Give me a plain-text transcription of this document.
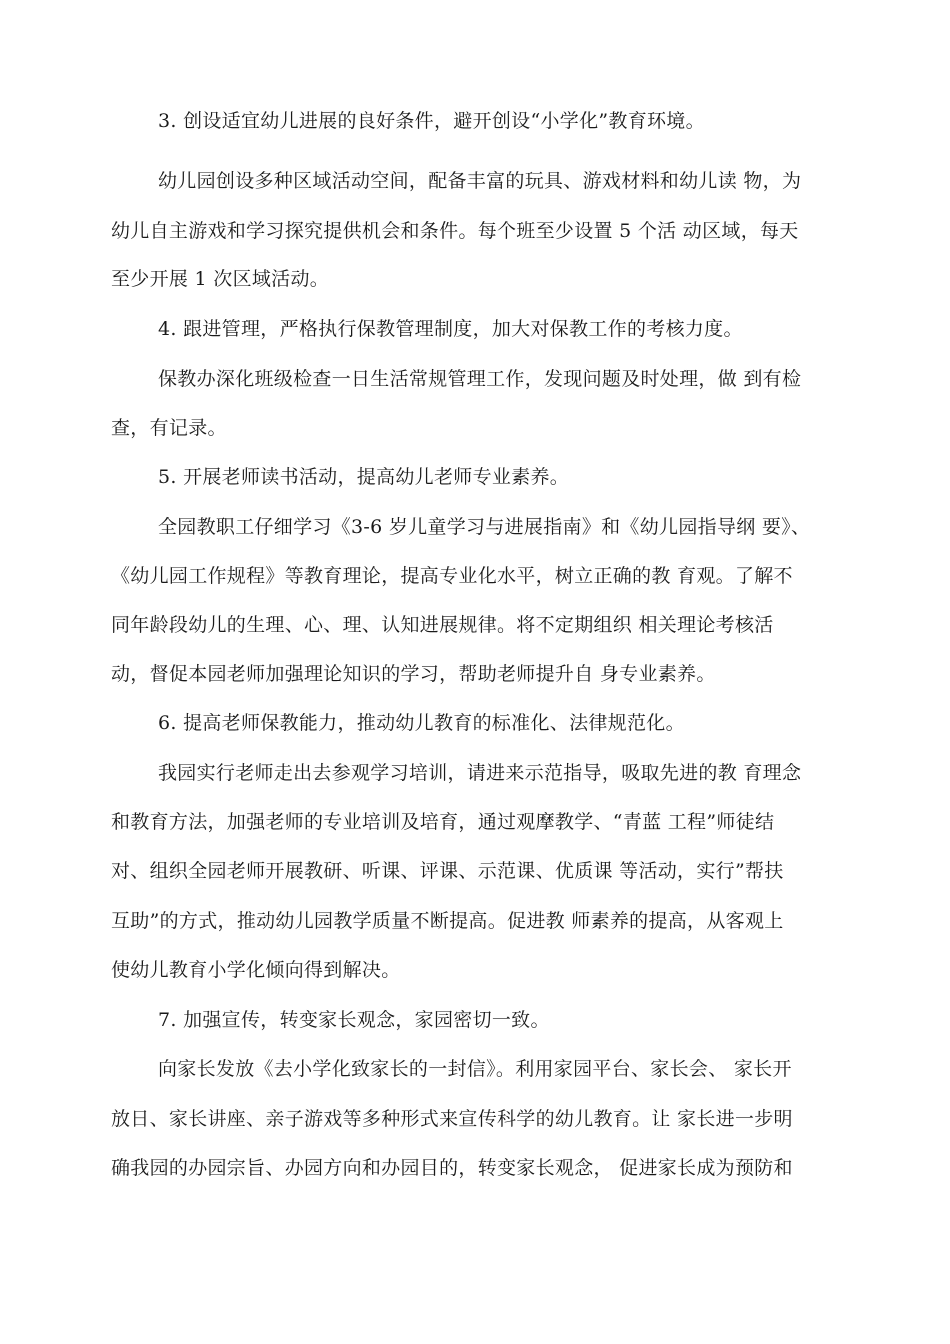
3. 创设适宜幼儿进展的良好条件，避开创设“小学化”教育环境。
幼儿园创设多种区域活动空间，配备丰富的玩具、游戏材料和幼儿读 物，为
幼儿自主游戏和学习探究提供机会和条件。每个班至少设置 5 个活 动区域，每天
至少开展 1 次区域活动。
4. 跟进管理，严格执行保教管理制度，加大对保教工作的考核力度。
保教办深化班级检查一日生活常规管理工作，发现问题及时处理，做 到有检
查，有记录。
5. 开展老师读书活动，提高幼儿老师专业素养。
全园教职工仔细学习《3-6 岁儿童学习与进展指南》和《幼儿园指导纲 要》、
《幼儿园工作规程》等教育理论，提高专业化水平，树立正确的教 育观。了解不
同年龄段幼儿的生理、心、理、认知进展规律。将不定期组织 相关理论考核活
动，督促本园老师加强理论知识的学习，帮助老师提升自 身专业素养。
6. 提高老师保教能力，推动幼儿教育的标准化、法律规范化。
我园实行老师走出去参观学习培训，请进来示范指导，吸取先进的教 育理念
和教育方法，加强老师的专业培训及培育，通过观摩教学、“青蓝 工程”师徒结
对、组织全园老师开展教研、听课、评课、示范课、优质课 等活动，实行”帮扶
互助”的方式，推动幼儿园教学质量不断提高。促进教 师素养的提高，从客观上
使幼儿教育小学化倾向得到解决。
7. 加强宣传，转变家长观念，家园密切一致。
向家长发放《去小学化致家长的一封信》。利用家园平台、家长会、 家长开
放日、家长讲座、亲子游戏等多种形式来宣传科学的幼儿教育。让 家长进一步明
确我园的办园宗旨、办园方向和办园目的，转变家长观念， 促进家长成为预防和
